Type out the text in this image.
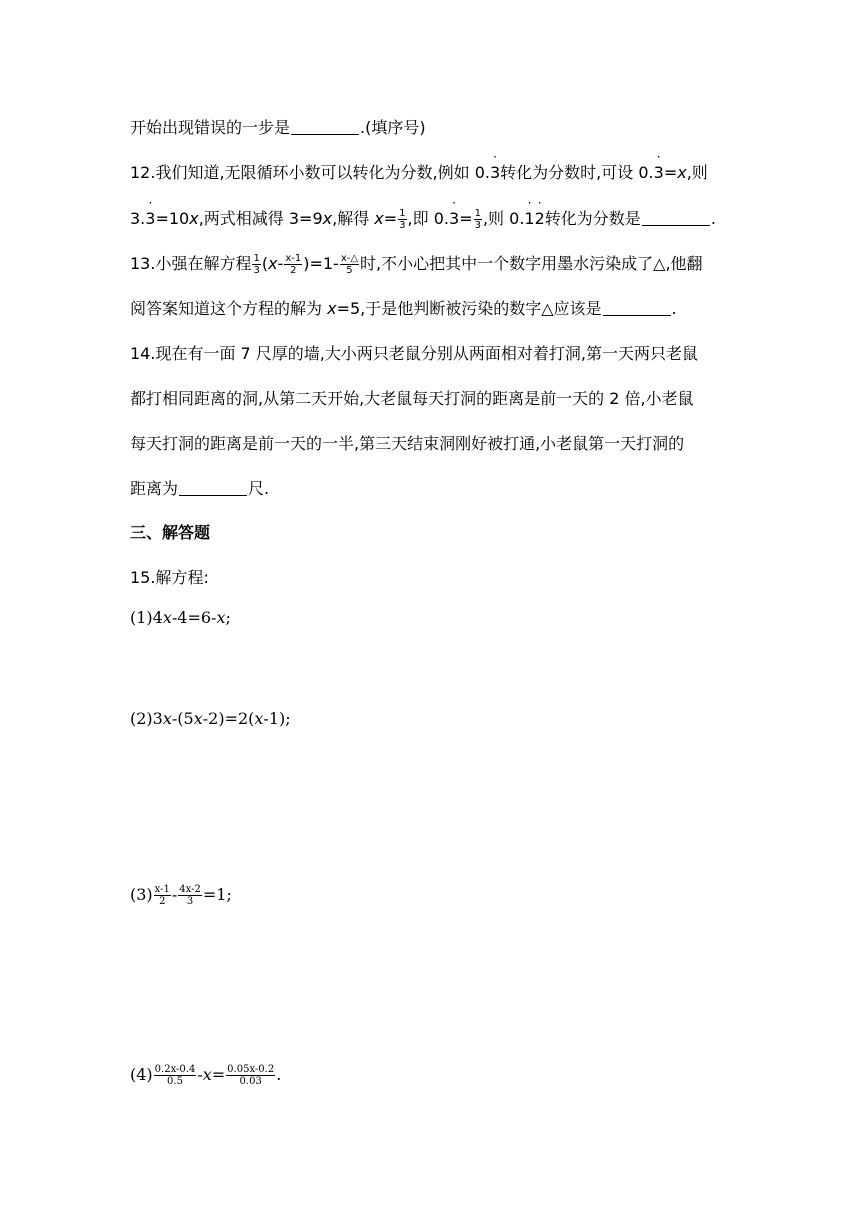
开始出现错误的一步是	.(填序号)
12.我们知道,无限循环小数可以转化为分数,例如 0.· 3转化为分数时,可设 0.· 3=x,则
3.· 3=10x,两式相减得 3=9x,解得 $x= \frac{1}{3}$ ,即 $0.\cdot 3= \frac{1}{3}$ ,则 0.· 1· 2转化为分数是	.
13.小强在解方程 $\frac{1}{3} (x- \frac{x-1}{2} )=1- \frac{x-\triangle}{5}$ 时,不小心把其中一个数字用墨水污染成了△,他翻
阅答案知道这个方程的解为 x=5,于是他判断被污染的数字△应该是	.
14.现在有一面 7 尺厚的墙,大小两只老鼠分别从两面相对着打洞,第一天两只老鼠
都打相同距离的洞,从第二天开始,大老鼠每天打洞的距离是前一天的 2 倍,小老鼠
每天打洞的距离是前一天的一半,第三天结束洞刚好被打通,小老鼠第一天打洞的
距离为	尺.
三、解答题
15.解方程:
(1)4x-4=6-x;
(2)3x-(5x-2)=2(x-1);
$(3) \frac{x-1}{2} - \frac{4x-2}{3} =1$;
$(4) \frac{0.2x-0.4}{0.5} -x= \frac{0.05x-0.2}{0.03}$ .
